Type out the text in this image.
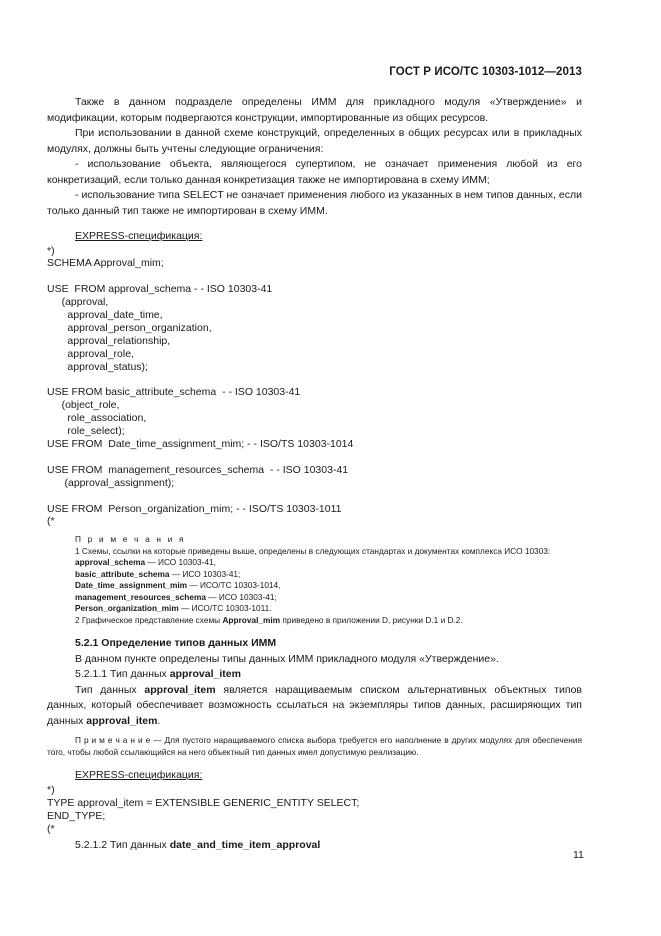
ГОСТ Р ИСО/ТС 10303-1012—2013

Также в данном подразделе определены ИММ для прикладного модуля «Утверждение» и модификации, которым подвергаются конструкции, импортированные из общих ресурсов.

При использовании в данной схеме конструкций, определенных в общих ресурсах или в прикладных модулях, должны быть учтены следующие ограничения:

- использование объекта, являющегося супертипом, не означает применения любой из его конкретизаций, если только данная конкретизация также не импортирована в схему ИММ;

- использование типа SELECT не означает применения любого из указанных в нем типов данных, если только данный тип также не импортирован в схему ИММ.

EXPRESS-спецификация:

*)
SCHEMA Approval_mim;
USE  FROM approval_schema - - ISO 10303-41
(approval,
approval_date_time,
approval_person_organization,
approval_relationship,
approval_role,
approval_status);
USE FROM basic_attribute_schema  - - ISO 10303-41
(object_role,
role_association,
role_select);
USE FROM  Date_time_assignment_mim; - - ISO/TS 10303-1014
USE FROM  management_resources_schema  - - ISO 10303-41
(approval_assignment);
USE FROM  Person_organization_mim; - - ISO/TS 10303-1011
(*

П р и м е ч а н и я

1 Схемы, ссылки на которые приведены выше, определены в следующих стандартах и документах комплекса ИСО 10303:

approval_schema — ИСО 10303-41,

basic_attribute_schema — ИСО 10303-41;

Date_time_assignment_mim — ИСО/ТС 10303-1014,

management_resources_schema — ИСО 10303-41;

Person_organization_mim — ИСО/ТС 10303-1011.

2 Графическое представление схемы Approval_mim приведено в приложении D, рисунки D.1 и D.2.

5.2.1 Определение типов данных ИММ

В данном пункте определены типы данных ИММ прикладного модуля «Утверждение».

5.2.1.1 Тип данных approval_item

Тип данных approval_item является наращиваемым списком альтернативных объектных типов данных, который обеспечивает возможность ссылаться на экземпляры типов данных, расширяющих тип данных approval_item.

П р и м е ч а н и е — Для пустого наращиваемого списка выбора требуется его наполнение в других модулях для обеспечения того, чтобы любой ссылающийся на него объектный тип данных имел допустимую реализацию.

EXPRESS-спецификация:

*)
TYPE approval_item = EXTENSIBLE GENERIC_ENTITY SELECT;
END_TYPE;
(*

5.2.1.2 Тип данных date_and_time_item_approval

11
